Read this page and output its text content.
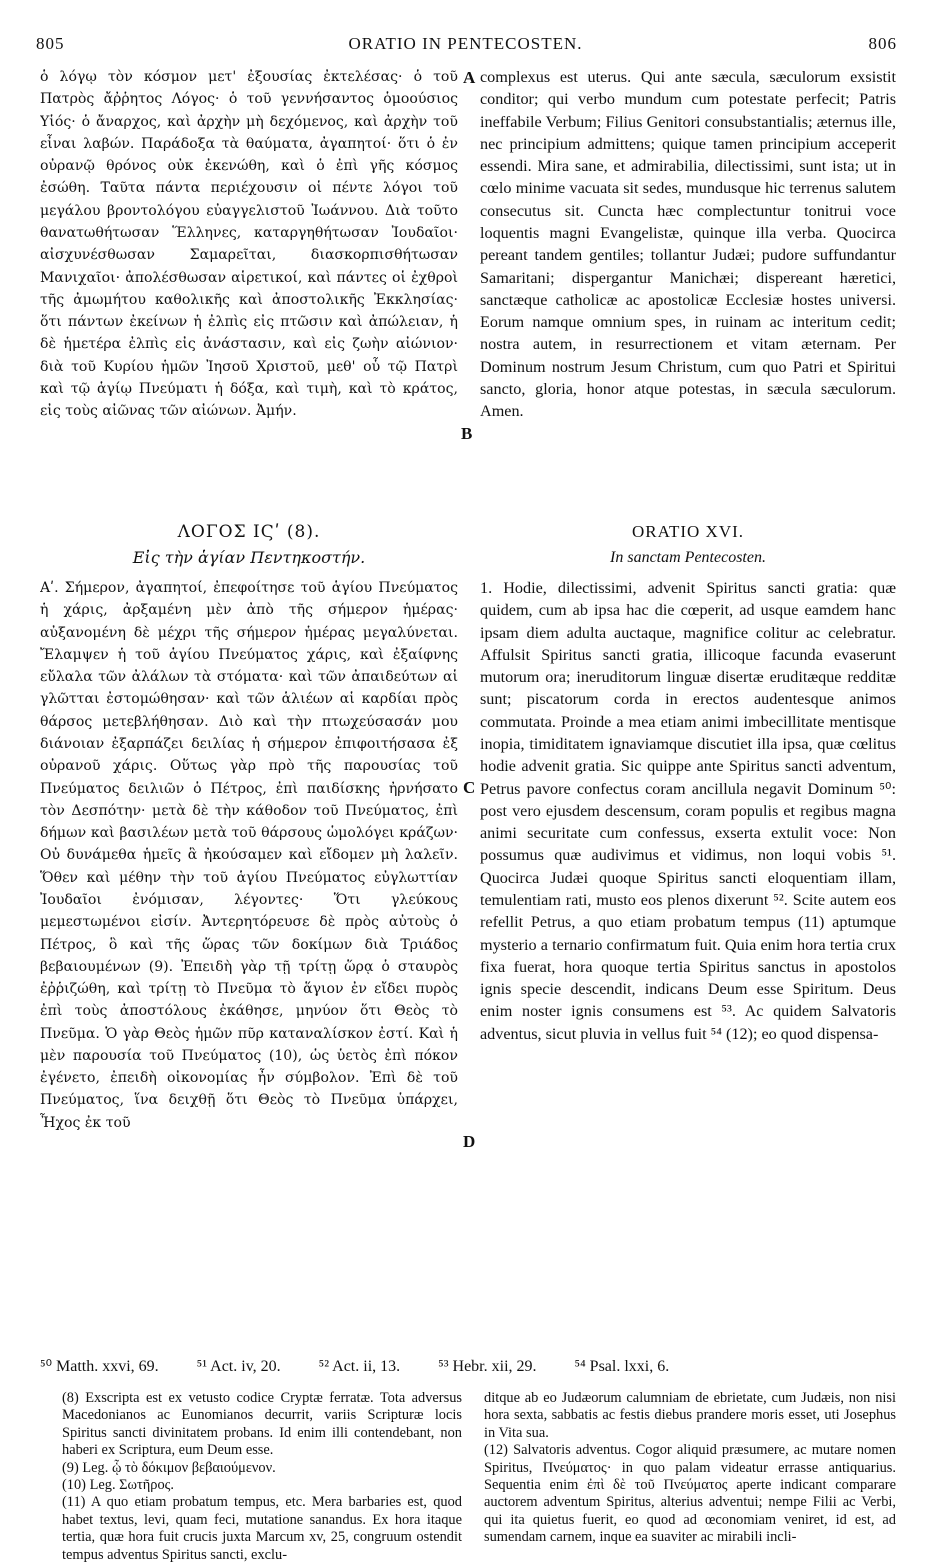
805	ORATIO IN PENTECOSTEN.	806

ὁ λόγῳ τὸν κόσμον μετ' ἐξουσίας ἐκτελέσας· ὁ τοῦ Πατρὸς ἄῤῥητος Λόγος· ὁ τοῦ γεννήσαντος ὁμοούσιος Υἱός· ὁ ἄναρχος, καὶ ἀρχὴν μὴ δεχόμενος, καὶ ἀρχὴν τοῦ εἶναι λαβών. Παράδοξα τὰ θαύματα, ἀγαπητοί· ὅτι ὁ ἐν οὐρανῷ θρόνος οὐκ ἐκενώθη, καὶ ὁ ἐπὶ γῆς κόσμος ἐσώθη. Ταῦτα πάντα περιέχουσιν οἱ πέντε λόγοι τοῦ μεγάλου βροντολόγου εὐαγγελιστοῦ Ἰωάννου. Διὰ τοῦτο θανατωθήτωσαν Ἕλληνες, καταργηθήτωσαν Ἰουδαῖοι· αἰσχυνέσθωσαν Σαμαρεῖται, διασκορπισθήτωσαν Μανιχαῖοι· ἀπολέσθωσαν αἱρετικοί, καὶ πάντες οἱ ἐχθροὶ τῆς ἀμωμήτου καθολικῆς καὶ ἀποστολικῆς Ἐκκλησίας· ὅτι πάντων ἐκείνων ἡ ἐλπὶς εἰς πτῶσιν καὶ ἀπώλειαν, ἡ δὲ ἡμετέρα ἐλπὶς εἰς ἀνάστασιν, καὶ εἰς ζωὴν αἰώνιον· διὰ τοῦ Κυρίου ἡμῶν Ἰησοῦ Χριστοῦ, μεθ' οὗ τῷ Πατρὶ καὶ τῷ ἁγίῳ Πνεύματι ἡ δόξα, καὶ τιμὴ, καὶ τὸ κράτος, εἰς τοὺς αἰῶνας τῶν αἰώνων. Ἀμήν.

ΛΟΓΟΣ ΙϚʹ (8).
Εἰς τὴν ἁγίαν Πεντηκοστήν.

Αʹ. Σήμερον, ἀγαπητοί, ἐπεφοίτησε τοῦ ἁγίου Πνεύματος ἡ χάρις, ἀρξαμένη μὲν ἀπὸ τῆς σήμερον ἡμέρας· αὐξανομένη δὲ μέχρι τῆς σήμερον ἡμέρας μεγαλύνεται. Ἔλαμψεν ἡ τοῦ ἁγίου Πνεύματος χάρις, καὶ ἐξαίφνης εὔλαλα τῶν ἀλάλων τὰ στόματα· καὶ τῶν ἀπαιδεύτων αἱ γλῶτται ἐστομώθησαν· καὶ τῶν ἁλιέων αἱ καρδίαι πρὸς θάρσος μετεβλήθησαν. Διὸ καὶ τὴν πτωχεύσασάν μου διάνοιαν ἐξαρπάζει δειλίας ἡ σήμερον ἐπιφοιτήσασα ἐξ οὐρανοῦ χάρις. Οὕτως γὰρ πρὸ τῆς παρουσίας τοῦ Πνεύματος δειλιῶν ὁ Πέτρος, ἐπὶ παιδίσκης ἠρνήσατο τὸν Δεσπότην· μετὰ δὲ τὴν κάθοδον τοῦ Πνεύματος, ἐπὶ δήμων καὶ βασιλέων μετὰ τοῦ θάρσους ὡμολόγει κράζων· Οὐ δυνάμεθα ἡμεῖς ἃ ἠκούσαμεν καὶ εἴδομεν μὴ λαλεῖν. Ὅθεν καὶ μέθην τὴν τοῦ ἁγίου Πνεύματος εὐγλωττίαν Ἰουδαῖοι ἐνόμισαν, λέγοντες· Ὅτι γλεύκους μεμεστωμένοι εἰσίν. Ἀντερητόρευσε δὲ πρὸς αὐτοὺς ὁ Πέτρος, ὃ καὶ τῆς ὥρας τῶν δοκίμων διὰ Τριάδος βεβαιουμένων (9). Ἐπειδὴ γὰρ τῇ τρίτῃ ὥρᾳ ὁ σταυρὸς ἐῤῥιζώθη, καὶ τρίτῃ τὸ Πνεῦμα τὸ ἅγιον ἐν εἴδει πυρὸς ἐπὶ τοὺς ἀποστόλους ἐκάθησε, μηνύον ὅτι Θεὸς τὸ Πνεῦμα. Ὁ γὰρ Θεὸς ἡμῶν πῦρ καταναλίσκον ἐστί. Καὶ ἡ μὲν παρουσία τοῦ Πνεύματος (10), ὡς ὑετὸς ἐπὶ πόκον ἐγένετο, ἐπειδὴ οἰκονομίας ἦν σύμβολον. Ἐπὶ δὲ τοῦ Πνεύματος, ἵνα δειχθῇ ὅτι Θεὸς τὸ Πνεῦμα ὑπάρχει, Ἦχος ἐκ τοῦ

complexus est uterus. Qui ante sæcula, sæculorum exsistit conditor; qui verbo mundum cum potestate perfecit; Patris ineffabile Verbum; Filius Genitori consubstantialis; æternus ille, nec principium admittens; quique tamen principium acceperit essendi. Mira sane, et admirabilia, dilectissimi, sunt ista; ut in cœlo minime vacuata sit sedes, mundusque hic terrenus salutem consecutus sit. Cuncta hæc complectuntur tonitrui voce loquentis magni Evangelistæ, quinque illa verba. Quocirca pereant tandem gentiles; tollantur Judæi; pudore suffundantur Samaritani; dispergantur Manichæi; dispereant hæretici, sanctæque catholicæ ac apostolicæ Ecclesiæ hostes universi. Eorum namque omnium spes, in ruinam ac interitum cedit; nostra autem, in resurrectionem et vitam æternam. Per Dominum nostrum Jesum Christum, cum quo Patri et Spiritui sancto, gloria, honor atque potestas, in sæcula sæculorum. Amen.

ORATIO XVI.
In sanctam Pentecosten.

1. Hodie, dilectissimi, advenit Spiritus sancti gratia: quæ quidem, cum ab ipsa hac die cœperit, ad usque eamdem hanc ipsam diem adulta auctaque, magnifice colitur ac celebratur. Affulsit Spiritus sancti gratia, illicoque facunda evaserunt mutorum ora; ineruditorum linguæ disertæ eruditæque redditæ sunt; piscatorum corda in erectos audentesque animos commutata. Proinde a mea etiam animi imbecillitate mentisque inopia, timiditatem ignaviamque discutiet illa ipsa, quæ cœlitus hodie advenit gratia. Sic quippe ante Spiritus sancti adventum, Petrus pavore confectus coram ancillula negavit Dominum ⁵⁰: post vero ejusdem descensum, coram populis et regibus magna animi securitate cum confessus, exserta extulit voce: Non possumus quæ audivimus et vidimus, non loqui vobis ⁵¹. Quocirca Judæi quoque Spiritus sancti eloquentiam illam, temulentiam rati, musto eos plenos dixerunt ⁵². Scite autem eos refellit Petrus, a quo etiam probatum tempus (11) aptumque mysterio a ternario confirmatum fuit. Quia enim hora tertia crux fixa fuerat, hora quoque tertia Spiritus sanctus in apostolos ignis specie descendit, indicans Deum esse Spiritum. Deus enim noster ignis consumens est ⁵³. Ac quidem Salvatoris adventus, sicut pluvia in vellus fuit ⁵⁴ (12); eo quod dispensa-

A
B
C
D
⁵⁰ Matth. xxvi, 69. ⁵¹ Act. iv, 20. ⁵² Act. ii, 13. ⁵³ Hebr. xii, 29. ⁵⁴ Psal. lxxi, 6.

(8) Exscripta est ex vetusto codice Cryptæ ferratæ. Tota adversus Macedonianos ac Eunomianos decurrit, variis Scripturæ locis Spiritus sancti divinitatem probans. Id enim illi contendebant, non haberi ex Scriptura, eum Deum esse.

(9) Leg. ᾧ τὸ δόκιμον βεβαιούμενον.

(10) Leg. Σωτῆρος.

(11) A quo etiam probatum tempus, etc. Mera barbaries est, quod habet textus, levi, quam feci, mutatione sanandus. Ex hora itaque tertia, quæ hora fuit crucis juxta Marcum xv, 25, congruum ostendit tempus adventus Spiritus sancti, exclu-

ditque ab eo Judæorum calumniam de ebrietate, cum Judæis, non nisi hora sexta, sabbatis ac festis diebus prandere moris esset, uti Josephus in Vita sua.

(12) Salvatoris adventus. Cogor aliquid præsumere, ac mutare nomen Spiritus, Πνεύματος· in quo palam videatur errasse antiquarius. Sequentia enim ἐπὶ δὲ τοῦ Πνεύματος aperte indicant comparare auctorem adventum Spiritus, alterius adventui; nempe Filii ac Verbi, qui ita quietus fuerit, eo quod ad œconomiam veniret, id est, ad sumendam carnem, inque ea suaviter ac mirabili incli-
